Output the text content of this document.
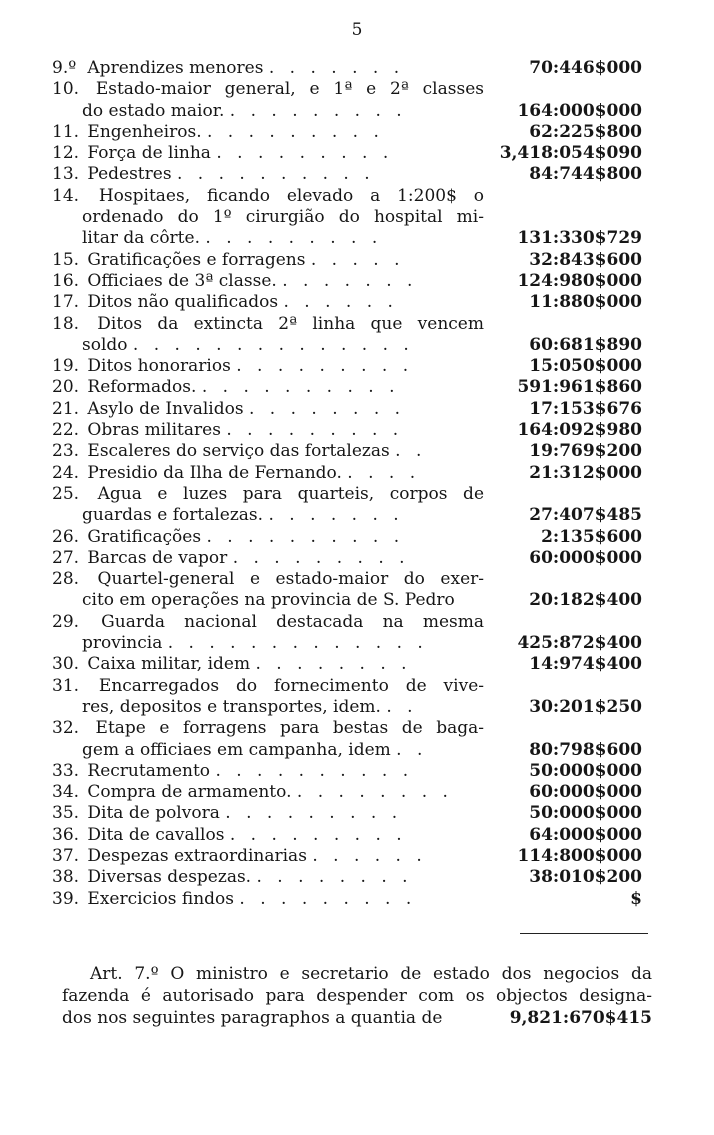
5
9.º Aprendizes menores . . . . . . .	70:446$000
10. Estado-maior general, e 1ª e 2ª classes
do estado maior. . . . . . . . . .	164:000$000
11. Engenheiros. . . . . . . . . .	62:225$800
12. Força de linha . . . . . . . . .	3,418:054$090
13. Pedestres . . . . . . . . . .	84:744$800
14. Hospitaes, ficando elevado a 1:200$ o
ordenado do 1º cirurgião do hospital mi-
litar da côrte. . . . . . . . . .	131:330$729
15. Gratificações e forragens . . . . .	32:843$600
16. Officiaes de 3ª classe. . . . . . . .	124:980$000
17. Ditos não qualificados . . . . . .	11:880$000
18. Ditos da extincta 2ª linha que vencem
soldo . . . . . . . . . . . . . .	60:681$890
19. Ditos honorarios . . . . . . . . .	15:050$000
20. Reformados. . . . . . . . . . .	591:961$860
21. Asylo de Invalidos . . . . . . . .	17:153$676
22. Obras militares . . . . . . . . .	164:092$980
23. Escaleres do serviço das fortalezas . .	19:769$200
24. Presidio da Ilha de Fernando. . . . .	21:312$000
25. Agua e luzes para quarteis, corpos de
guardas e fortalezas. . . . . . . .	27:407$485
26. Gratificações . . . . . . . . . .	2:135$600
27. Barcas de vapor . . . . . . . . .	60:000$000
28. Quartel-general e estado-maior do exer-
cito em operações na provincia de S. Pedro	20:182$400
29. Guarda nacional destacada na mesma
provincia . . . . . . . . . . . . .	425:872$400
30. Caixa militar, idem . . . . . . . .	14:974$400
31. Encarregados do fornecimento de vive-
res, depositos e transportes, idem. . .	30:201$250
32. Etape e forragens para bestas de baga-
gem a officiaes em campanha, idem . .	80:798$600
33. Recrutamento . . . . . . . . . .	50:000$000
34. Compra de armamento. . . . . . . . .	60:000$000
35. Dita de polvora . . . . . . . . .	50:000$000
36. Dita de cavallos . . . . . . . . .	64:000$000
37. Despezas extraordinarias . . . . . .	114:800$000
38. Diversas despezas. . . . . . . . .	38:010$200
39. Exercicios findos . . . . . . . . .	$
Art. 7.º O ministro e secretario de estado dos negocios da
fazenda é autorisado para despender com os objectos designa-
dos nos seguintes paragraphos a quantia de	9,821:670$415
